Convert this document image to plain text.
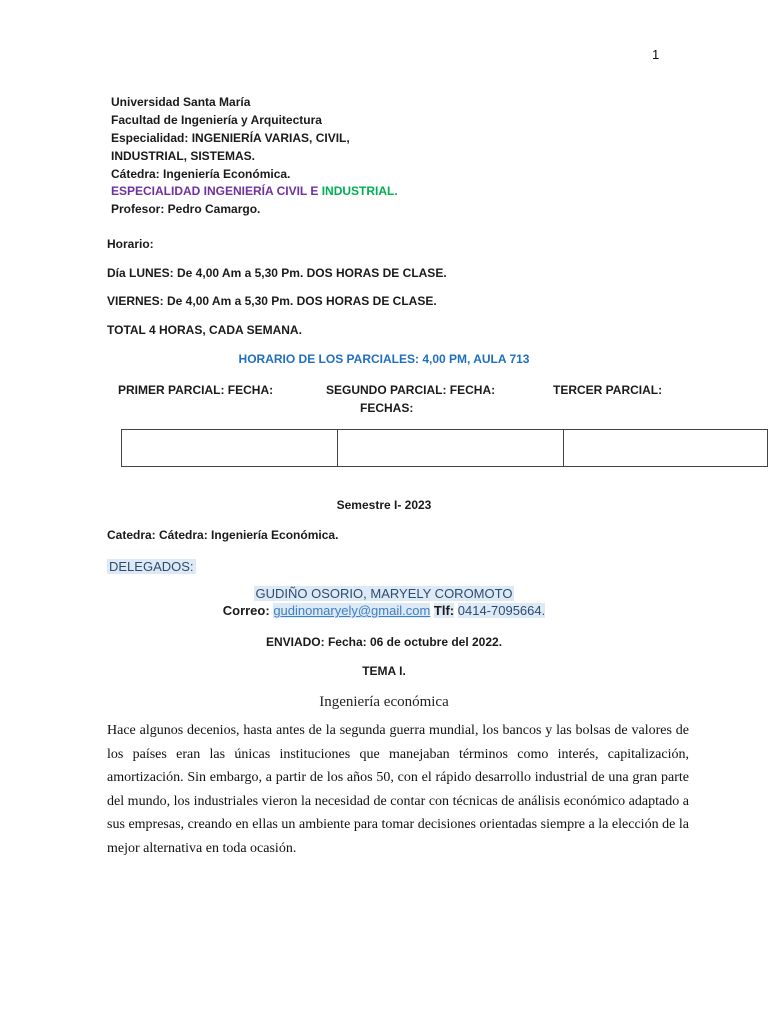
1
Universidad Santa María
Facultad de Ingeniería y Arquitectura
Especialidad: INGENIERÍA VARIAS, CIVIL,
INDUSTRIAL, SISTEMAS.
Cátedra: Ingeniería Económica.
ESPECIALIDAD INGENIERÍA CIVIL E INDUSTRIAL.
Profesor: Pedro Camargo.
Horario:
Día LUNES: De 4,00 Am a 5,30 Pm. DOS HORAS DE CLASE.
VIERNES: De 4,00 Am a 5,30 Pm. DOS HORAS DE CLASE.
TOTAL 4 HORAS, CADA SEMANA.
HORARIO DE LOS PARCIALES: 4,00 PM, AULA 713
PRIMER PARCIAL: FECHA:	SEGUNDO PARCIAL: FECHA:	TERCER PARCIAL:
FECHAS:

Semestre I- 2023
Catedra: Cátedra: Ingeniería Económica.
DELEGADOS:
GUDIÑO OSORIO, MARYELY COROMOTO
Correo: gudinomaryely@gmail.com Tlf: 0414-7095664.
ENVIADO: Fecha: 06 de octubre del 2022.
TEMA I.
Ingeniería económica
Hace algunos decenios, hasta antes de la segunda guerra mundial, los bancos y las bolsas de valores de los países eran las únicas instituciones que manejaban términos como interés, capitalización, amortización. Sin embargo, a partir de los años 50, con el rápido desarrollo industrial de una gran parte del mundo, los industriales vieron la necesidad de contar con técnicas de análisis económico adaptado a sus empresas, creando en ellas un ambiente para tomar decisiones orientadas siempre a la elección de la mejor alternativa en toda ocasión.
